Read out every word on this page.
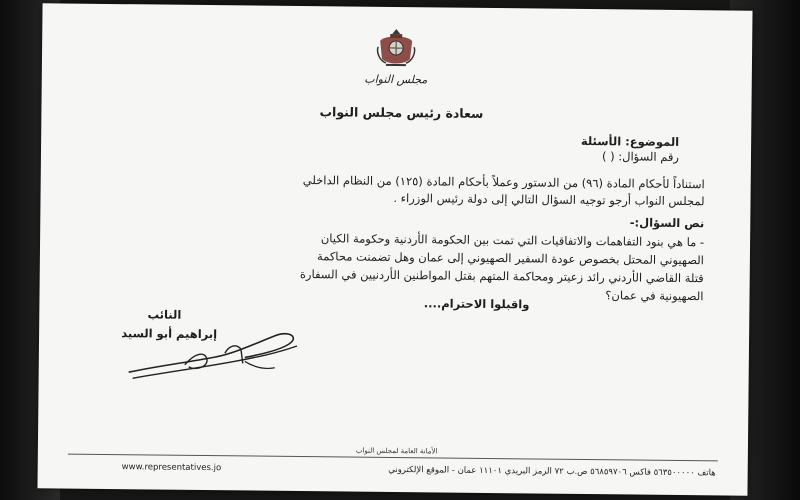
مجلس النواب
سعادة رئيس مجلس النواب
الموضوع: الأسئلة
رقم السؤال: ( )
استناداً لأحكام المادة (٩٦) من الدستور وعملاً بأحكام المادة (١٢٥) من النظام الداخلي
لمجلس النواب أرجو توجيه السؤال التالي إلى دولة رئيس الوزراء .
نص السؤال:-
- ما هي بنود التفاهمات والاتفاقيات التي تمت بين الحكومة الأردنية وحكومة الكيان
الصهيوني المحتل بخصوص عودة السفير الصهيوني إلى عمان وهل تضمنت محاكمة
قتلة القاضي الأردني رائد زعيتر ومحاكمة المتهم بقتل المواطنين الأردنيين في السفارة
الصهيونية في عمان؟
واقبلوا الاحترام....
النائب
إبراهيم أبو السيد
الأمانة العامة لمجلس النواب
www.representatives.jo	هاتف ٥٦٣٥٠٠٠٠٠ فاكس ٥٦٨٥٩٧٠٦ ص.ب ٧٢ الرمز البريدي ١١١٠١ عمان - الموقع الإلكتروني
